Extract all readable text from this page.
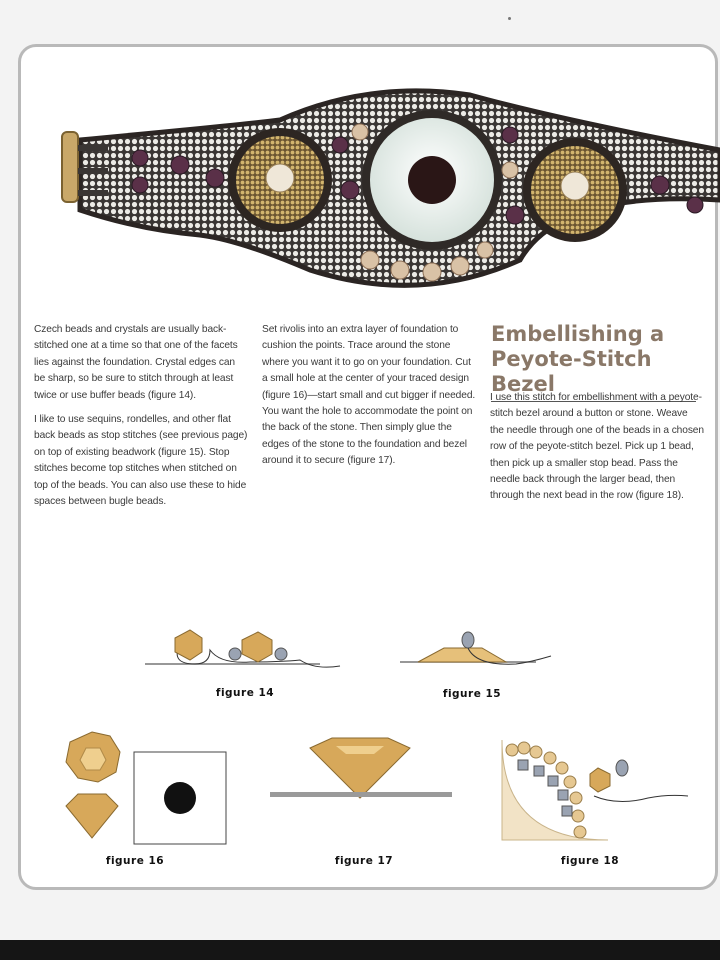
Czech beads and crystals are usually back-stitched one at a time so that one of the facets lies against the foundation. Crystal edges can be sharp, so be sure to stitch through at least twice or use buffer beads (figure 14).

I like to use sequins, rondelles, and other flat back beads as stop stitches (see previous page) on top of existing beadwork (figure 15). Stop stitches become top stitches when stitched on top of the beads. You can also use these to hide spaces between bugle beads.

Set rivolis into an extra layer of foundation to cushion the points. Trace around the stone where you want it to go on your foundation. Cut a small hole at the center of your traced design (figure 16)—start small and cut bigger if needed. You want the hole to accommodate the point on the back of the stone. Then simply glue the edges of the stone to the foundation and bezel around it to secure (figure 17).

Embellishing a Peyote-Stitch Bezel

I use this stitch for embellishment with a peyote-stitch bezel around a button or stone. Weave the needle through one of the beads in a chosen row of the peyote-stitch bezel. Pick up 1 bead, then pick up a smaller stop bead. Pass the needle back through the larger bead, then through the next bead in the row (figure 18).

figure 14	figure 15
figure 16	figure 17	figure 18
